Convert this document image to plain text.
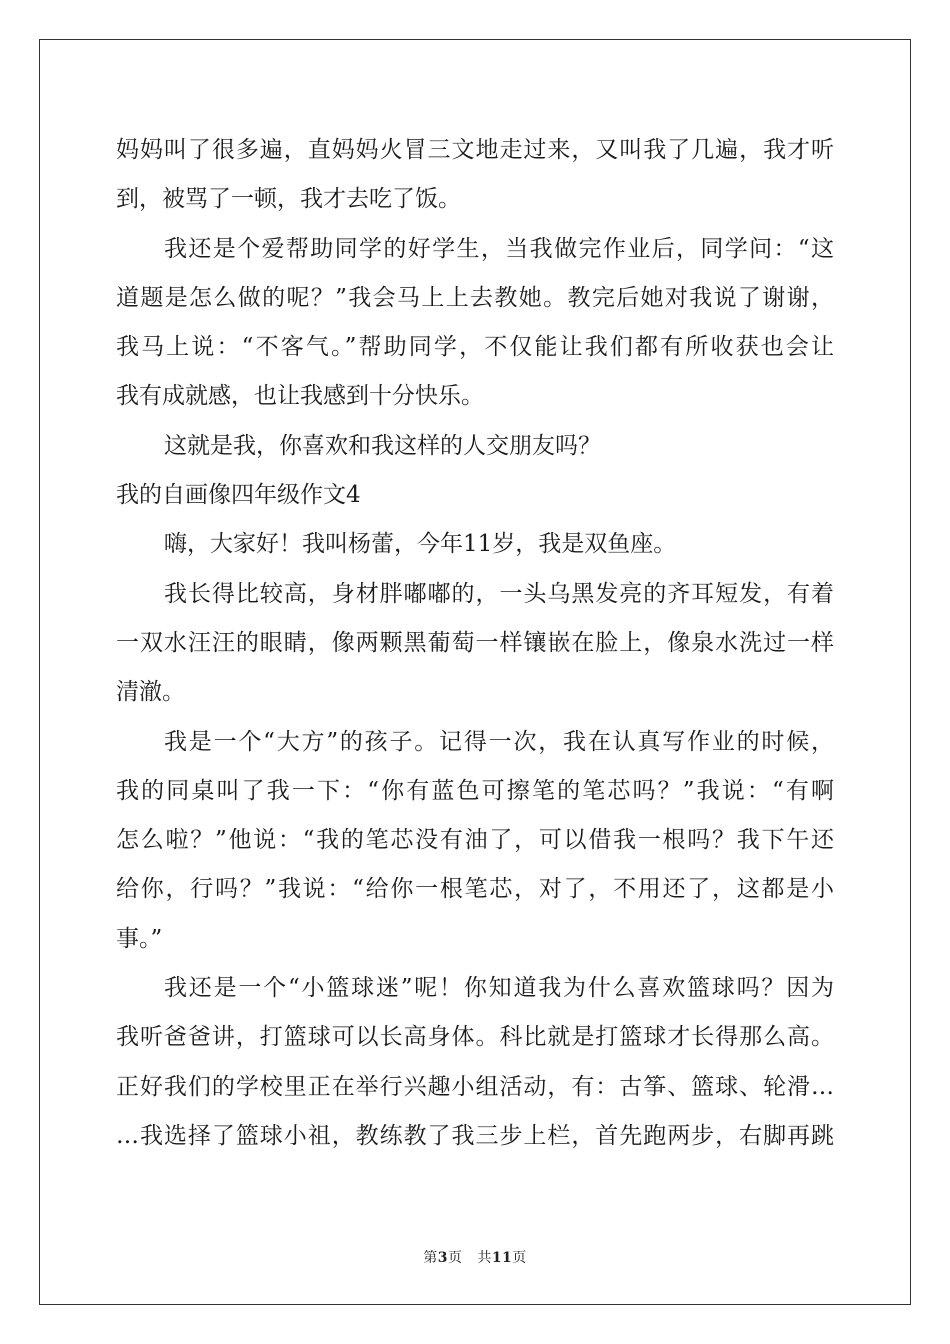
妈妈叫了很多遍，直妈妈火冒三文地走过来，又叫我了几遍，我才听
到，被骂了一顿，我才去吃了饭。
我还是个爱帮助同学的好学生，当我做完作业后，同学问：“这
道题是怎么做的呢？”我会马上上去教她。教完后她对我说了谢谢，
我马上说：“不客气。”帮助同学，不仅能让我们都有所收获也会让
我有成就感，也让我感到十分快乐。
这就是我，你喜欢和我这样的人交朋友吗？
我的自画像四年级作文4
嗨，大家好！我叫杨蕾，今年11岁，我是双鱼座。
我长得比较高，身材胖嘟嘟的，一头乌黑发亮的齐耳短发，有着
一双水汪汪的眼睛，像两颗黑葡萄一样镶嵌在脸上，像泉水洗过一样
清澈。
我是一个“大方”的孩子。记得一次，我在认真写作业的时候，
我的同桌叫了我一下：“你有蓝色可擦笔的笔芯吗？”我说：“有啊
怎么啦？”他说：“我的笔芯没有油了，可以借我一根吗？我下午还
给你，行吗？”我说：“给你一根笔芯，对了，不用还了，这都是小
事。”
我还是一个“小篮球迷”呢！你知道我为什么喜欢篮球吗？因为
我听爸爸讲，打篮球可以长高身体。科比就是打篮球才长得那么高。
正好我们的学校里正在举行兴趣小组活动，有：古筝、篮球、轮滑…
…我选择了篮球小祖，教练教了我三步上栏，首先跑两步，右脚再跳
第3页 共11页
